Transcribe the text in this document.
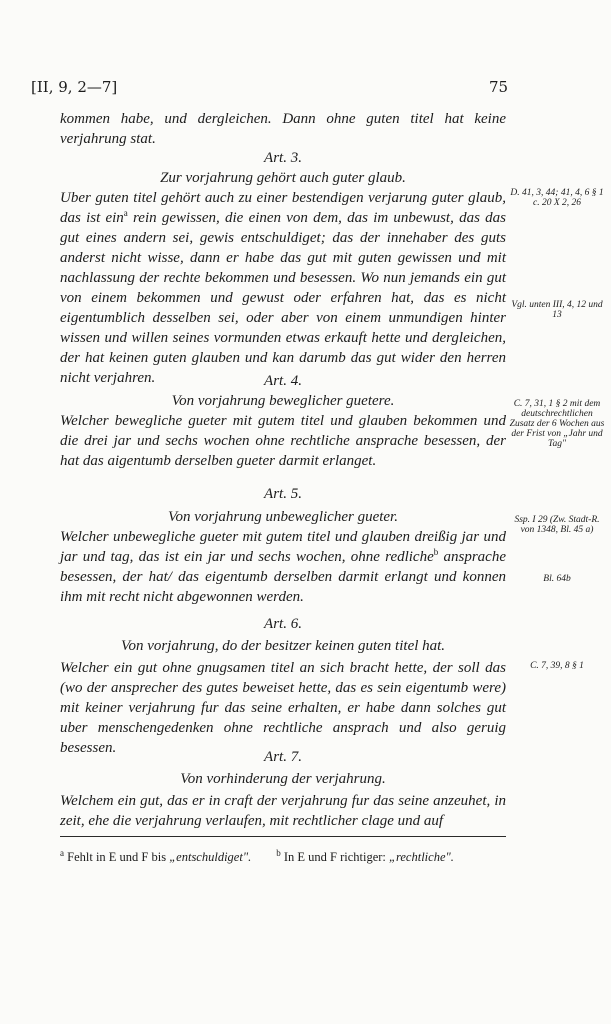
[II, 9, 2—7]	75

kommen habe, und dergleichen. Dann ohne guten titel hat keine verjahrung stat.

Art. 3.
Zur vorjahrung gehört auch guter glaub.

Uber guten titel gehört auch zu einer bestendigen verjarung guter glaub, das ist ein$^a$ rein gewissen, die einen von dem, das im unbewust, das das gut eines andern sei, gewis entschuldiget; das der innehaber des guts anderst nicht wisse, dann er habe das gut mit guten gewissen und mit nachlassung der rechte bekommen und besessen. Wo nun jemands ein gut von einem bekommen und gewust oder erfahren hat, das es nicht eigentumblich desselben sei, oder aber von einem unmundigen hinter wissen und willen seines vormunden etwas erkauft hette und dergleichen, der hat keinen guten glauben und kan darumb das gut wider den herren nicht verjahren.

D. 41, 3, 44; 41, 4, 6 § 1 c. 20 X 2, 26
Vgl. unten III, 4, 12 und 13
Art. 4.
Von vorjahrung beweglicher guetere.

Welcher bewegliche gueter mit gutem titel und glauben bekommen und die drei jar und sechs wochen ohne rechtliche ansprache besessen, der hat das aigentumb derselben gueter darmit erlanget.

C. 7, 31, 1 § 2 mit dem deutschrechtlichen Zusatz der 6 Wochen aus der Frist von „Jahr und Tag"
Art. 5.
Von vorjahrung unbeweglicher gueter.

Welcher unbewegliche gueter mit gutem titel und glauben dreißig jar und jar und tag, das ist ein jar und sechs wochen, ohne redliche$^b$ ansprache besessen, der hat/ das eigentumb derselben darmit erlangt und konnen ihm mit recht nicht abgewonnen werden.

Ssp. I 29 (Zw. Stadt-R. von 1348, Bl. 45 a)
Bl. 64b
Art. 6.
Von vorjahrung, do der besitzer keinen guten titel hat.

Welcher ein gut ohne gnugsamen titel an sich bracht hette, der soll das (wo der ansprecher des gutes beweiset hette, das es sein eigentumb were) mit keiner verjahrung fur das seine erhalten, er habe dann solches gut uber menschengedenken ohne rechtliche ansprach und also geruig besessen.

C. 7, 39, 8 § 1
Art. 7.
Von vorhinderung der verjahrung.

Welchem ein gut, das er in craft der verjahrung fur das seine anzeuhet, in zeit, ehe die verjahrung verlaufen, mit rechtlicher clage und auf

$^a$ Fehlt in E und F bis „entschuldiget".	$^b$ In E und F richtiger: „rechtliche".
